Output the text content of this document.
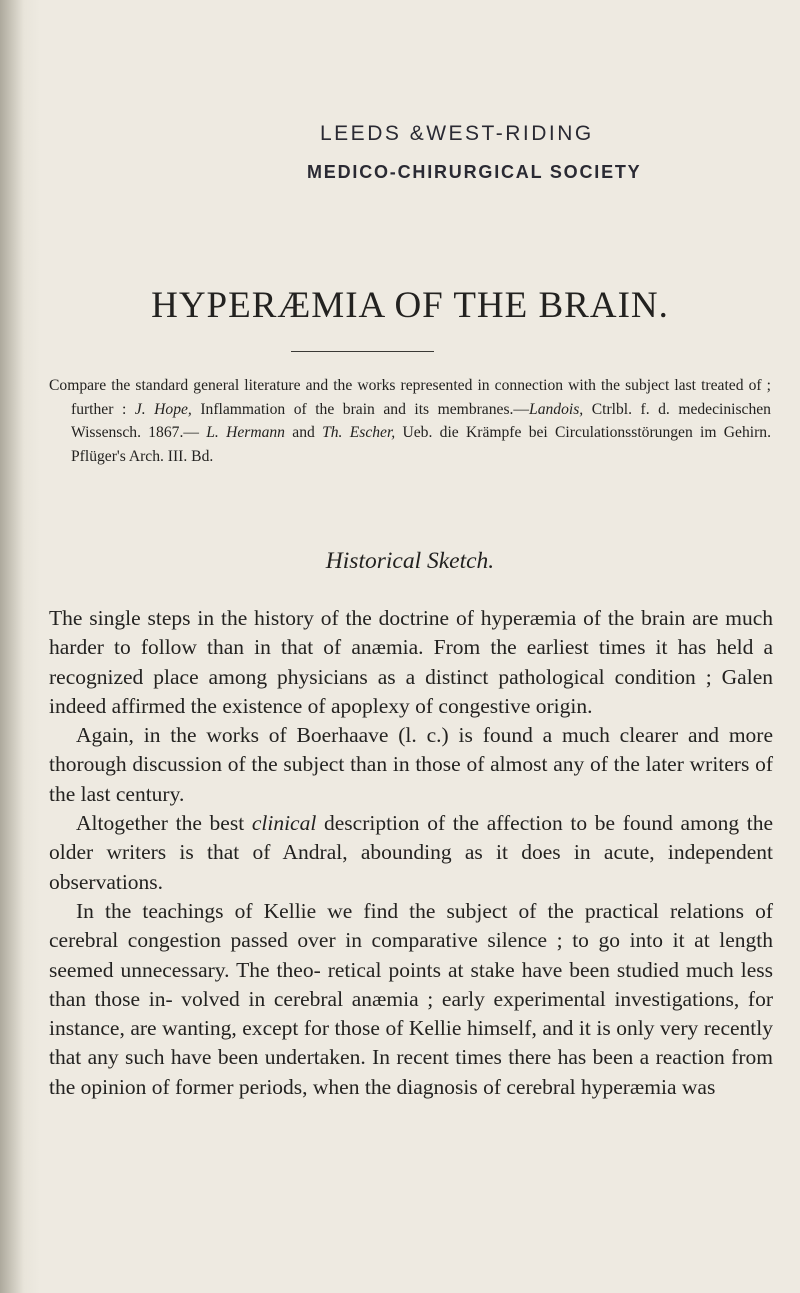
LEEDS &WEST-RIDING
MEDICO-CHIRURGICAL SOCIETY
HYPERÆMIA OF THE BRAIN.
Compare the standard general literature and the works represented in connection with the subject last treated of ; further : J. Hope, Inflammation of the brain and its membranes.—Landois, Ctrlbl. f. d. medecinischen Wissensch. 1867.— L. Hermann and Th. Escher, Ueb. die Krämpfe bei Circulationsstörungen im Gehirn. Pflüger's Arch. III. Bd.
Historical Sketch.

The single steps in the history of the doctrine of hyperæmia of the brain are much harder to follow than in that of anæmia. From the earliest times it has held a recognized place among physicians as a distinct pathological condition ; Galen indeed affirmed the existence of apoplexy of congestive origin.

Again, in the works of Boerhaave (l. c.) is found a much clearer and more thorough discussion of the subject than in those of almost any of the later writers of the last century.

Altogether the best clinical description of the affection to be found among the older writers is that of Andral, abounding as it does in acute, independent observations.

In the teachings of Kellie we find the subject of the practical relations of cerebral congestion passed over in comparative silence ; to go into it at length seemed unnecessary. The theo- retical points at stake have been studied much less than those in- volved in cerebral anæmia ; early experimental investigations, for instance, are wanting, except for those of Kellie himself, and it is only very recently that any such have been undertaken. In recent times there has been a reaction from the opinion of former periods, when the diagnosis of cerebral hyperæmia was
